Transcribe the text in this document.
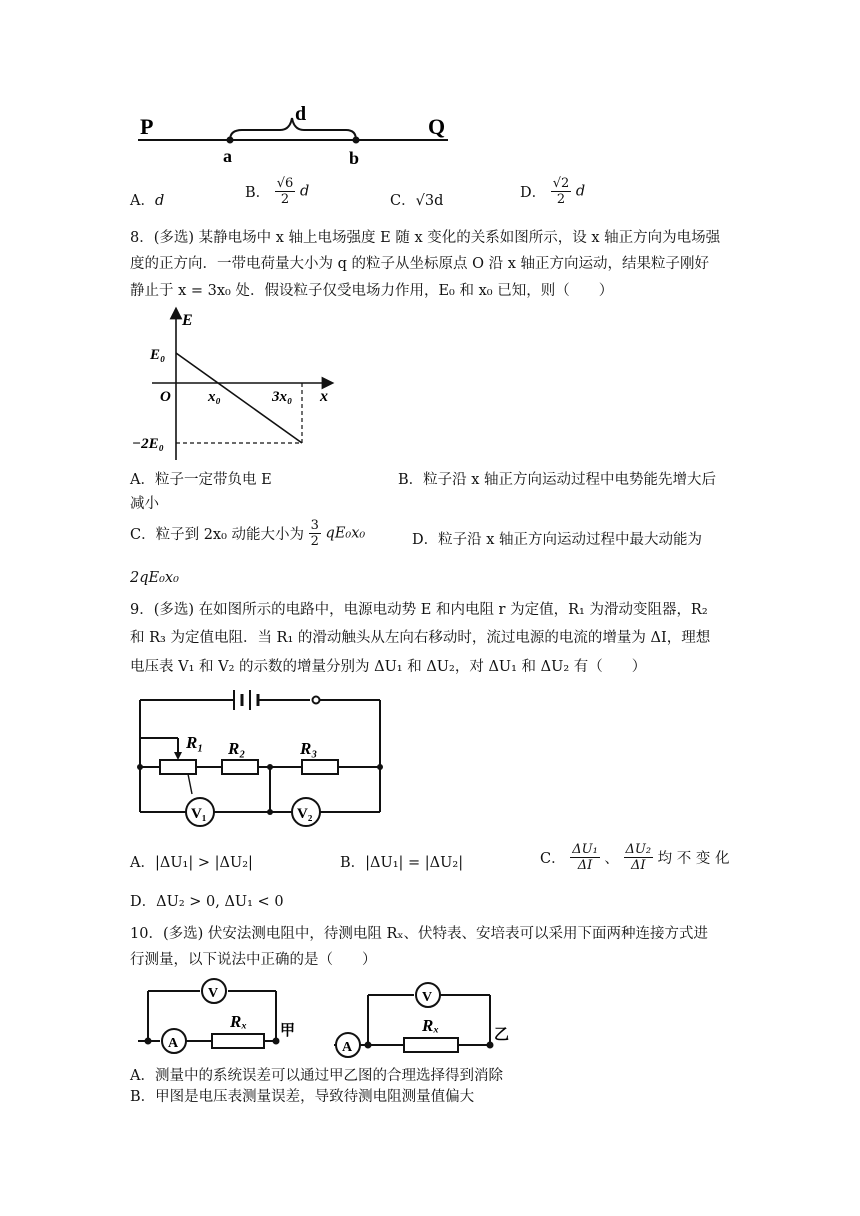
P	Q
d
a	b
A．d	B． $\frac{√6}{2}$ d
C．√3d	D． $\frac{√2}{2}$ d
8．(多选) 某静电场中 x 轴上电场强度 E 随 x 变化的关系如图所示，设 x 轴正方向为电场强
度的正方向．一带电荷量大小为 q 的粒子从坐标原点 O 沿 x 轴正方向运动，结果粒子刚好
静止于 x = 3x₀ 处．假设粒子仅受电场力作用，E₀ 和 x₀ 已知，则（　　）
E
x
O
E₀
−2E₀
x₀	3x₀
A．粒子一定带负电 E	B．粒子沿 x 轴正方向运动过程中电势能先增大后
减小
C．粒子到 2x₀ 动能大小为 $\frac{3}{2} qE_0x_0$	D．粒子沿 x 轴正方向运动过程中最大动能为
2qE₀x₀
9．(多选) 在如图所示的电路中，电源电动势 E 和内电阻 r 为定值，R₁ 为滑动变阻器，R₂
和 R₃ 为定值电阻．当 R₁ 的滑动触头从左向右移动时，流过电源的电流的增量为 ΔI，理想
电压表 V₁ 和 V₂ 的示数的增量分别为 ΔU₁ 和 ΔU₂，对 ΔU₁ 和 ΔU₂ 有（　　）
R₁ R₂	R₃
V₁	V₂
A．|ΔU₁| > |ΔU₂|	B．|ΔU₁| = |ΔU₂|	C． $\frac{\text{ΔU₁}}{\Delta I}$ 、 $\frac{\text{ΔU₂}}{\Delta I}$ 均 不 变 化
D．ΔU₂ > 0, ΔU₁ < 0
10．(多选) 伏安法测电阻中，待测电阻 Rₓ、伏特表、安培表可以采用下面两种连接方式进
行测量，以下说法中正确的是（　　）
A
V
Rₓ 甲
A
V
Rₓ	乙
A．测量中的系统误差可以通过甲乙图的合理选择得到消除
B．甲图是电压表测量误差，导致待测电阻测量值偏大
